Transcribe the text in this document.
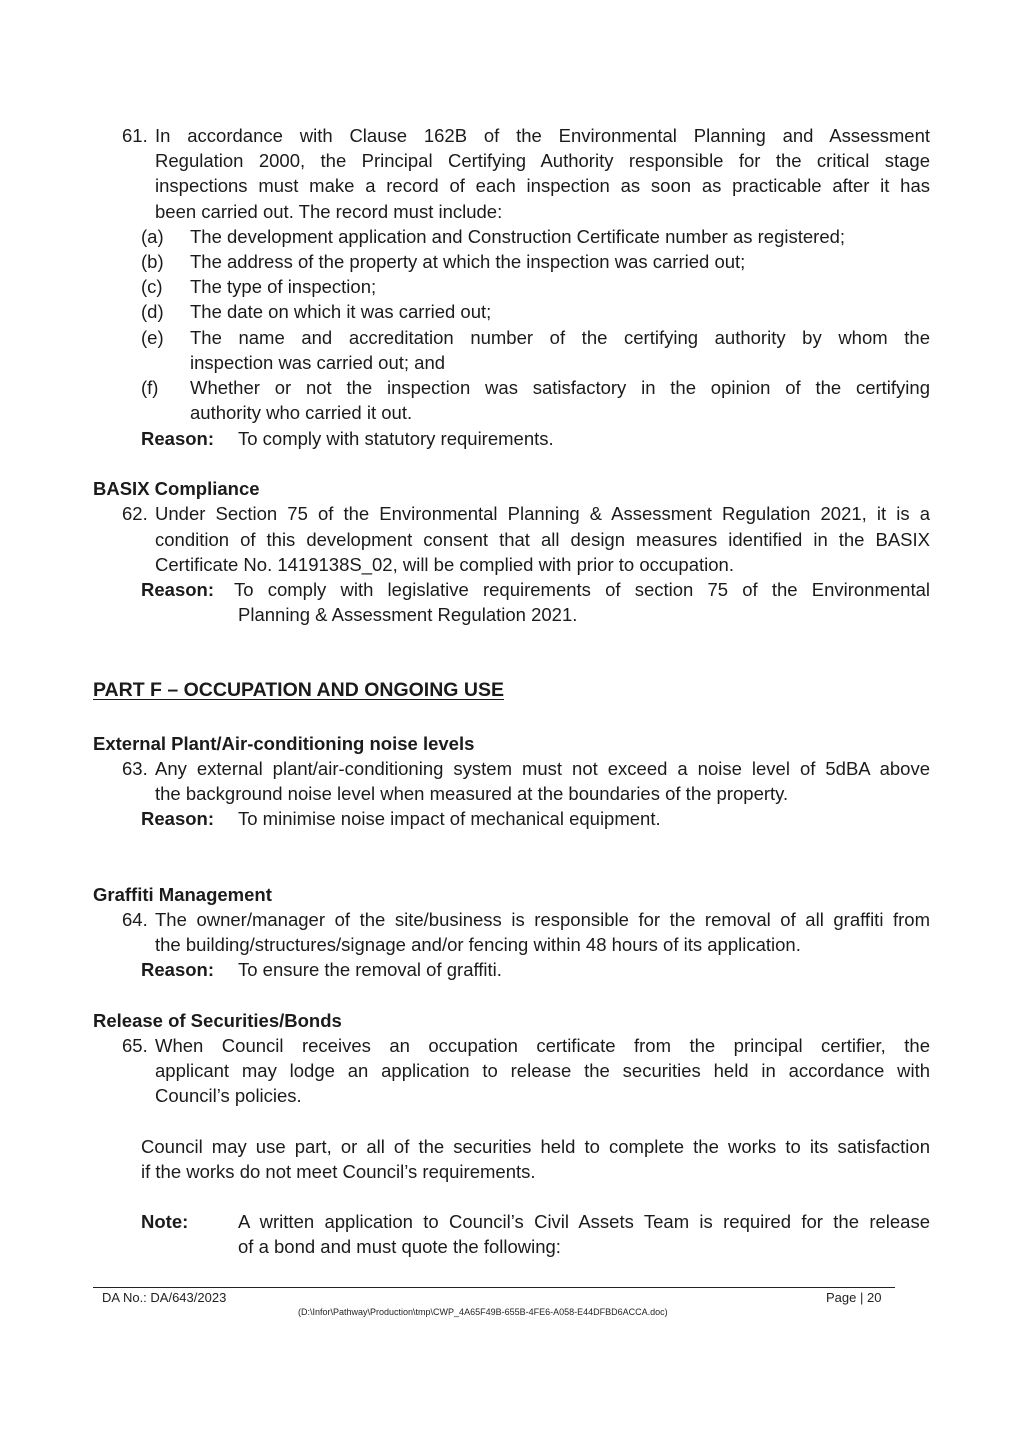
61. In accordance with Clause 162B of the Environmental Planning and Assessment
Regulation 2000, the Principal Certifying Authority responsible for the critical stage
inspections must make a record of each inspection as soon as practicable after it has
been carried out. The record must include:
(a) The development application and Construction Certificate number as registered;
(b) The address of the property at which the inspection was carried out;
(c) The type of inspection;
(d) The date on which it was carried out;
(e) The name and accreditation number of the certifying authority by whom the
inspection was carried out; and
(f) Whether or not the inspection was satisfactory in the opinion of the certifying
authority who carried it out.
Reason: To comply with statutory requirements.
BASIX Compliance
62. Under Section 75 of the Environmental Planning & Assessment Regulation 2021, it is a
condition of this development consent that all design measures identified in the BASIX
Certificate No. 1419138S_02, will be complied with prior to occupation.
Reason: To comply with legislative requirements of section 75 of the Environmental
Planning & Assessment Regulation 2021.
PART F – OCCUPATION AND ONGOING USE
External Plant/Air-conditioning noise levels
63. Any external plant/air-conditioning system must not exceed a noise level of 5dBA above
the background noise level when measured at the boundaries of the property.
Reason: To minimise noise impact of mechanical equipment.
Graffiti Management
64. The owner/manager of the site/business is responsible for the removal of all graffiti from
the building/structures/signage and/or fencing within 48 hours of its application.
Reason: To ensure the removal of graffiti.
Release of Securities/Bonds
65. When Council receives an occupation certificate from the principal certifier, the
applicant may lodge an application to release the securities held in accordance with
Council’s policies.
Council may use part, or all of the securities held to complete the works to its satisfaction
if the works do not meet Council’s requirements.
Note:	A written application to Council’s Civil Assets Team is required for the release
of a bond and must quote the following:
DA No.: DA/643/2023	Page | 20
(D:\Infor\Pathway\Production\tmp\CWP_4A65F49B-655B-4FE6-A058-E44DFBD6ACCA.doc)
